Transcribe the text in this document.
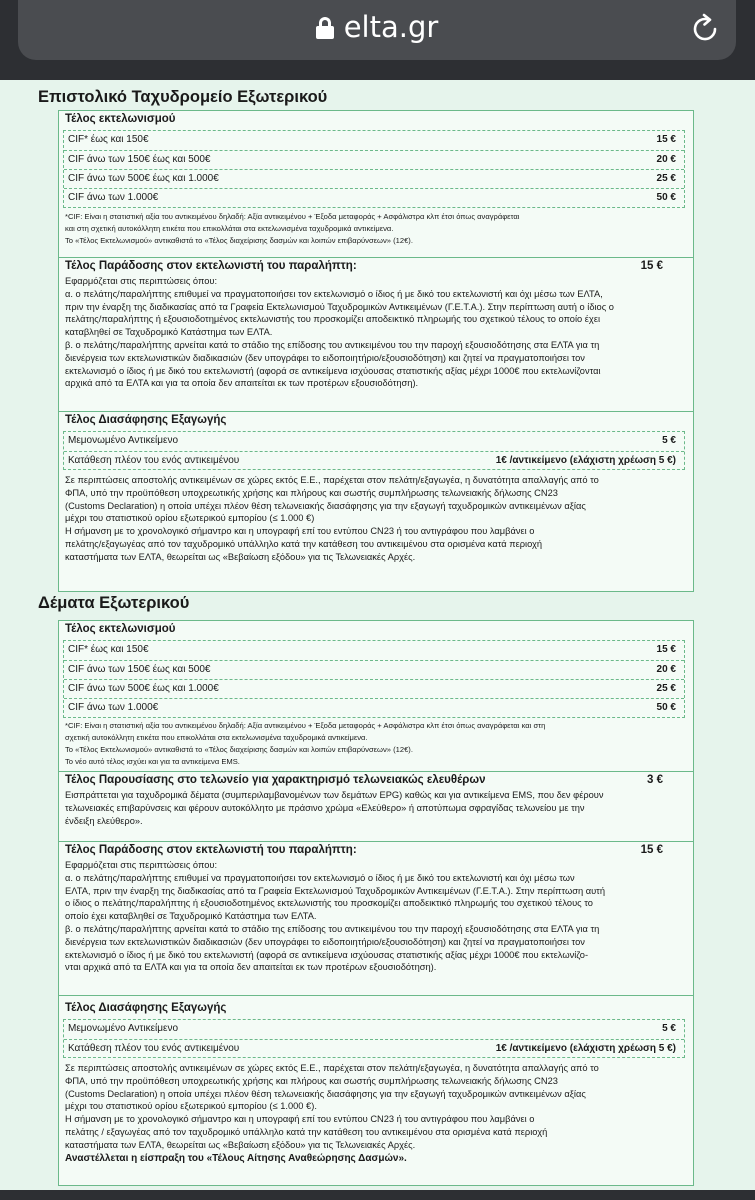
elta.gr
Επιστολικό Ταχυδρομείο Εξωτερικού
Τέλος εκτελωνισμού
CIF* έως και 150€	15 €
CIF άνω των 150€ έως και 500€	20 €
CIF άνω των 500€ έως και 1.000€	25 €
CIF άνω των 1.000€	50 €
*CIF: Είναι η στατιστική αξία του αντικειμένου δηλαδή: Αξία αντικειμένου + Έξοδα μεταφοράς + Ασφάλιστρα κλπ έτσι όπως αναγράφεται
και στη σχετική αυτοκόλλητη ετικέτα που επικολλάται στα εκτελωνισμένα ταχυδρομικά αντικείμενα.
Το «Τέλος Εκτελωνισμού» αντικαθιστά το «Τέλος διαχείρισης δασμών και λοιπών επιβαρύνσεων» (12€).
Τέλος Παράδοσης στον εκτελωνιστή του παραλήπτη:	15 €
Εφαρμόζεται στις περιπτώσεις όπου:
α. ο πελάτης/παραλήπτης επιθυμεί να πραγματοποιήσει τον εκτελωνισμό ο ίδιος ή με δικό του εκτελωνιστή και όχι μέσω των ΕΛΤΑ,
πριν την έναρξη της διαδικασίας από τα Γραφεία Εκτελωνισμού Ταχυδρομικών Αντικειμένων (Γ.Ε.Τ.Α.). Στην περίπτωση αυτή ο ίδιος ο
πελάτης/παραλήπτης ή εξουσιοδοτημένος εκτελωνιστής του προσκομίζει αποδεικτικό πληρωμής του σχετικού τέλους το οποίο έχει
καταβληθεί σε Ταχυδρομικό Κατάστημα των ΕΛΤΑ.
β. ο πελάτης/παραλήπτης αρνείται κατά το στάδιο της επίδοσης του αντικειμένου του την παροχή εξουσιοδότησης στα ΕΛΤΑ για τη
διενέργεια των εκτελωνιστικών διαδικασιών (δεν υπογράφει το ειδοποιητήριο/εξουσιοδότηση) και ζητεί να πραγματοποιήσει τον
εκτελωνισμό ο ίδιος ή με δικό του εκτελωνιστή (αφορά σε αντικείμενα ισχύουσας στατιστικής αξίας μέχρι 1000€ που εκτελωνίζονται
αρχικά από τα ΕΛΤΑ και για τα οποία δεν απαιτείται εκ των προτέρων εξουσιοδότηση).
Τέλος Διασάφησης Εξαγωγής
Μεμονωμένο Αντικείμενο	5 €
Κατάθεση πλέον του ενός αντικειμένου	1€ /αντικείμενο (ελάχιστη χρέωση 5 €)
Σε περιπτώσεις αποστολής αντικειμένων σε χώρες εκτός Ε.Ε., παρέχεται στον πελάτη/εξαγωγέα, η δυνατότητα απαλλαγής από το
ΦΠΑ, υπό την προϋπόθεση υποχρεωτικής χρήσης και πλήρους και σωστής συμπλήρωσης τελωνειακής δήλωσης CN23
(Customs Declaration) η οποία υπέχει πλέον θέση τελωνειακής διασάφησης για την εξαγωγή ταχυδρομικών αντικειμένων αξίας
μέχρι του στατιστικού ορίου εξωτερικού εμπορίου (≤ 1.000 €)
Η σήμανση με το χρονολογικό σήμαντρο και η υπογραφή επί του εντύπου CN23 ή του αντιγράφου που λαμβάνει ο
πελάτης/εξαγωγέας από τον ταχυδρομικό υπάλληλο κατά την κατάθεση του αντικειμένου στα ορισμένα κατά περιοχή
καταστήματα των ΕΛΤΑ, θεωρείται ως «Βεβαίωση εξόδου» για τις Τελωνειακές Αρχές.
Δέματα Εξωτερικού
Τέλος εκτελωνισμού
CIF* έως και 150€	15 €
CIF άνω των 150€ έως και 500€	20 €
CIF άνω των 500€ έως και 1.000€	25 €
CIF άνω των 1.000€	50 €
*CIF: Είναι η στατιστική αξία του αντικειμένου δηλαδή: Αξία αντικειμένου + Έξοδα μεταφοράς + Ασφάλιστρα κλπ έτσι όπως αναγράφεται και στη
σχετική αυτοκόλλητη ετικέτα που επικολλάται στα εκτελωνισμένα ταχυδρομικά αντικείμενα.
Το «Τέλος Εκτελωνισμού» αντικαθιστά το «Τέλος διαχείρισης δασμών και λοιπών επιβαρύνσεων» (12€).
Το νέο αυτό τέλος ισχύει και για τα αντικείμενα EMS.
Τέλος Παρουσίασης στο τελωνείο για χαρακτηρισμό τελωνειακώς ελευθέρων	3 €
Εισπράττεται για ταχυδρομικά δέματα (συμπεριλαμβανομένων των δεμάτων EPG) καθώς και για αντικείμενα EMS, που δεν φέρουν
τελωνειακές επιβαρύνσεις και φέρουν αυτοκόλλητο με πράσινο χρώμα «Ελεύθερο» ή αποτύπωμα σφραγίδας τελωνείου με την
ένδειξη ελεύθερο».
Τέλος Παράδοσης στον εκτελωνιστή του παραλήπτη:	15 €
Εφαρμόζεται στις περιπτώσεις όπου:
α. ο πελάτης/παραλήπτης επιθυμεί να πραγματοποιήσει τον εκτελωνισμό ο ίδιος ή με δικό του εκτελωνιστή και όχι μέσω των
ΕΛΤΑ, πριν την έναρξη της διαδικασίας από τα Γραφεία Εκτελωνισμού Ταχυδρομικών Αντικειμένων (Γ.Ε.Τ.Α.). Στην περίπτωση αυτή
ο ίδιος ο πελάτης/παραλήπτης ή εξουσιοδοτημένος εκτελωνιστής του προσκομίζει αποδεικτικό πληρωμής του σχετικού τέλους το
οποίο έχει καταβληθεί σε Ταχυδρομικό Κατάστημα των ΕΛΤΑ.
β. ο πελάτης/παραλήπτης αρνείται κατά το στάδιο της επίδοσης του αντικειμένου του την παροχή εξουσιοδότησης στα ΕΛΤΑ για τη
διενέργεια των εκτελωνιστικών διαδικασιών (δεν υπογράφει το ειδοποιητήριο/εξουσιοδότηση) και ζητεί να πραγματοποιήσει τον
εκτελωνισμό ο ίδιος ή με δικό του εκτελωνιστή (αφορά σε αντικείμενα ισχύουσας στατιστικής αξίας μέχρι 1000€ που εκτελωνίζο-
νται αρχικά από τα ΕΛΤΑ και για τα οποία δεν απαιτείται εκ των προτέρων εξουσιοδότηση).
Τέλος Διασάφησης Εξαγωγής
Μεμονωμένο Αντικείμενο	5 €
Κατάθεση πλέον του ενός αντικειμένου	1€ /αντικείμενο (ελάχιστη χρέωση 5 €)
Σε περιπτώσεις αποστολής αντικειμένων σε χώρες εκτός Ε.Ε., παρέχεται στον πελάτη/εξαγωγέα, η δυνατότητα απαλλαγής από το
ΦΠΑ, υπό την προϋπόθεση υποχρεωτικής χρήσης και πλήρους και σωστής συμπλήρωσης τελωνειακής δήλωσης CN23
(Customs Declaration) η οποία υπέχει πλέον θέση τελωνειακής διασάφησης για την εξαγωγή ταχυδρομικών αντικειμένων αξίας
μέχρι του στατιστικού ορίου εξωτερικού εμπορίου (≤ 1.000 €).
Η σήμανση με το χρονολογικό σήμαντρο και η υπογραφή επί του εντύπου CN23 ή του αντιγράφου που λαμβάνει ο
πελάτης / εξαγωγέας από τον ταχυδρομικό υπάλληλο κατά την κατάθεση του αντικειμένου στα ορισμένα κατά περιοχή
καταστήματα των ΕΛΤΑ, θεωρείται ως «Βεβαίωση εξόδου» για τις Τελωνειακές Αρχές.
Αναστέλλεται η είσπραξη του «Τέλους Αίτησης Αναθεώρησης Δασμών».
